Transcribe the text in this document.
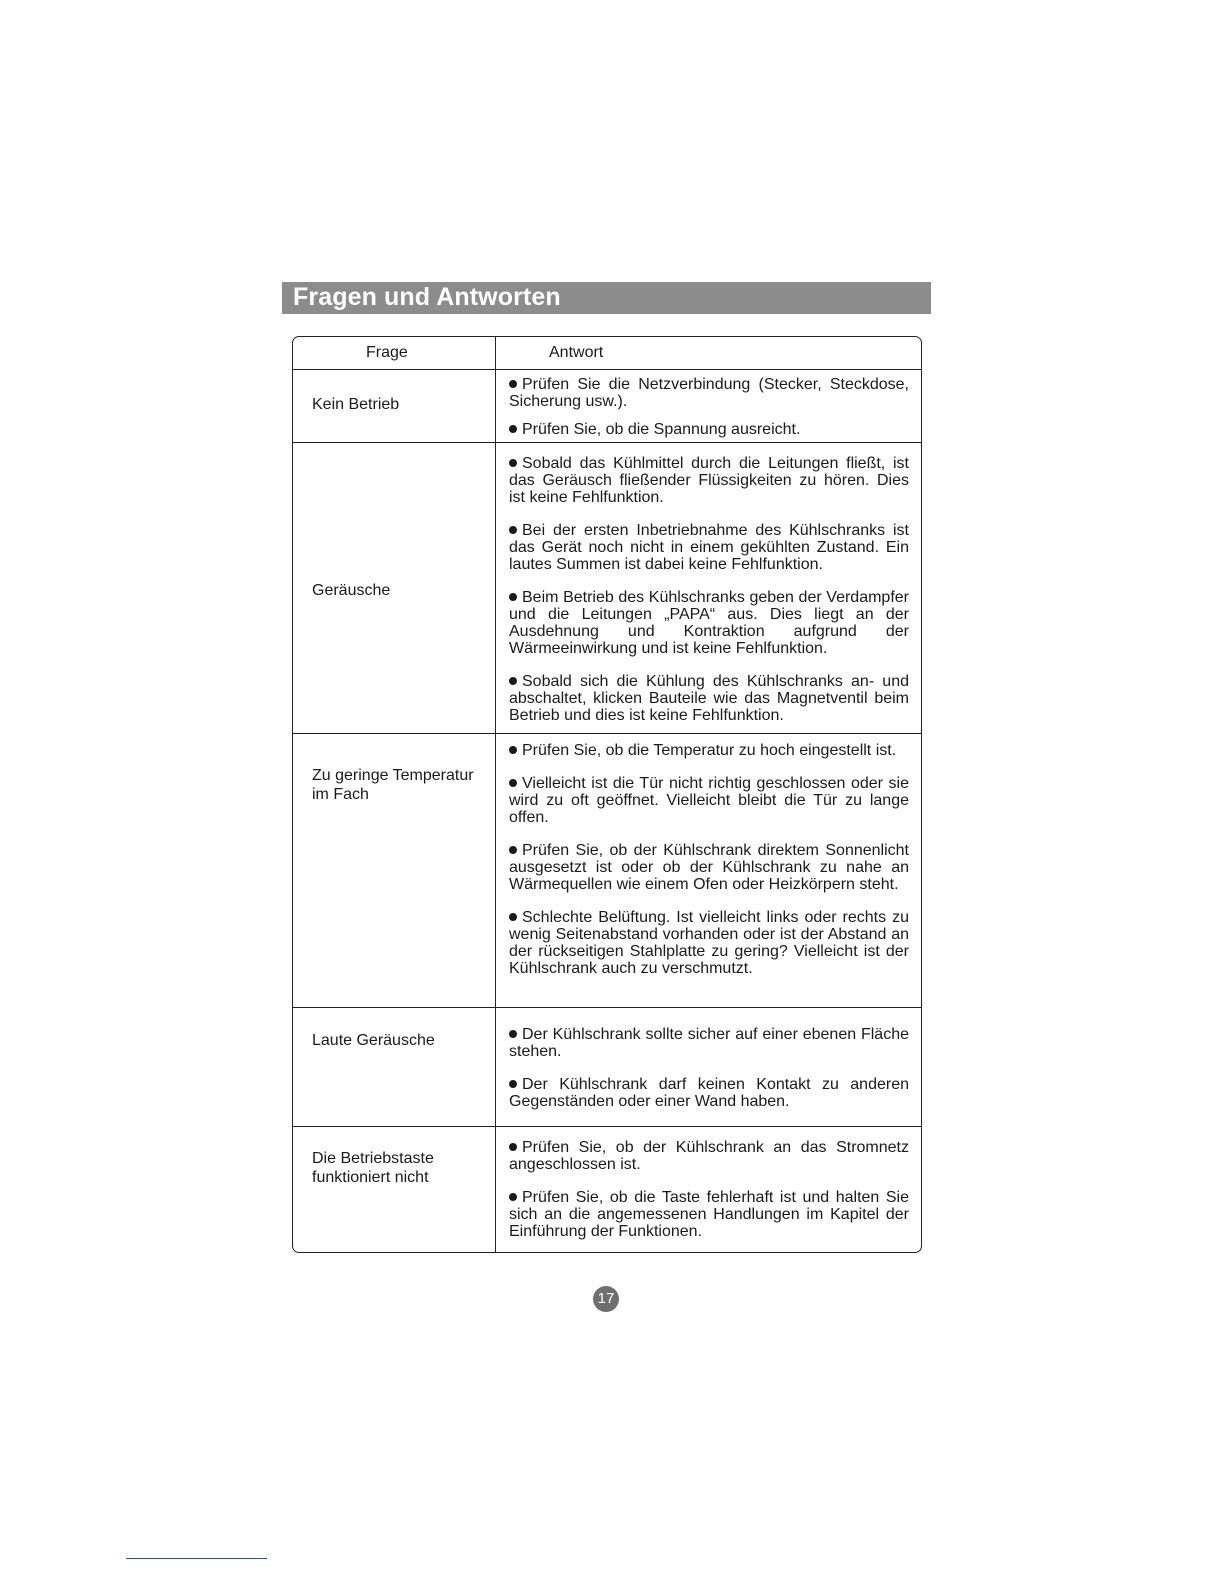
Fragen und Antworten
Frage	Antwort
Kein Betrieb

Prüfen Sie die Netzverbindung (Stecker, Steckdose, Sicherung usw.).

Prüfen Sie, ob die Spannung ausreicht.

Geräusche

Sobald das Kühlmittel durch die Leitungen fließt, ist das Geräusch fließender Flüssigkeiten zu hören. Dies ist keine Fehlfunktion.

Bei der ersten Inbetriebnahme des Kühlschranks ist das Gerät noch nicht in einem gekühlten Zustand. Ein lautes Summen ist dabei keine Fehlfunktion.

Beim Betrieb des Kühlschranks geben der Verdampfer und die Leitungen „PAPA“ aus. Dies liegt an der Ausdehnung und Kontraktion aufgrund der Wärmeeinwirkung und ist keine Fehlfunktion.

Sobald sich die Kühlung des Kühlschranks an- und abschaltet, klicken Bauteile wie das Magnetventil beim Betrieb und dies ist keine Fehlfunktion.

Zu geringe Temperatur im Fach

Prüfen Sie, ob die Temperatur zu hoch eingestellt ist.

Vielleicht ist die Tür nicht richtig geschlossen oder sie wird zu oft geöffnet. Vielleicht bleibt die Tür zu lange offen.

Prüfen Sie, ob der Kühlschrank direktem Sonnenlicht ausgesetzt ist oder ob der Kühlschrank zu nahe an Wärmequellen wie einem Ofen oder Heizkörpern steht.

Schlechte Belüftung. Ist vielleicht links oder rechts zu wenig Seitenabstand vorhanden oder ist der Abstand an der rückseitigen Stahlplatte zu gering? Vielleicht ist der Kühlschrank auch zu verschmutzt.

Laute Geräusche	Der Kühlschrank sollte sicher auf einer ebenen Fläche stehen.

Der Kühlschrank darf keinen Kontakt zu anderen Gegenständen oder einer Wand haben.

Die Betriebstaste funktioniert nicht

Prüfen Sie, ob der Kühlschrank an das Stromnetz angeschlossen ist.

Prüfen Sie, ob die Taste fehlerhaft ist und halten Sie sich an die angemessenen Handlungen im Kapitel der Einführung der Funktionen.

17
